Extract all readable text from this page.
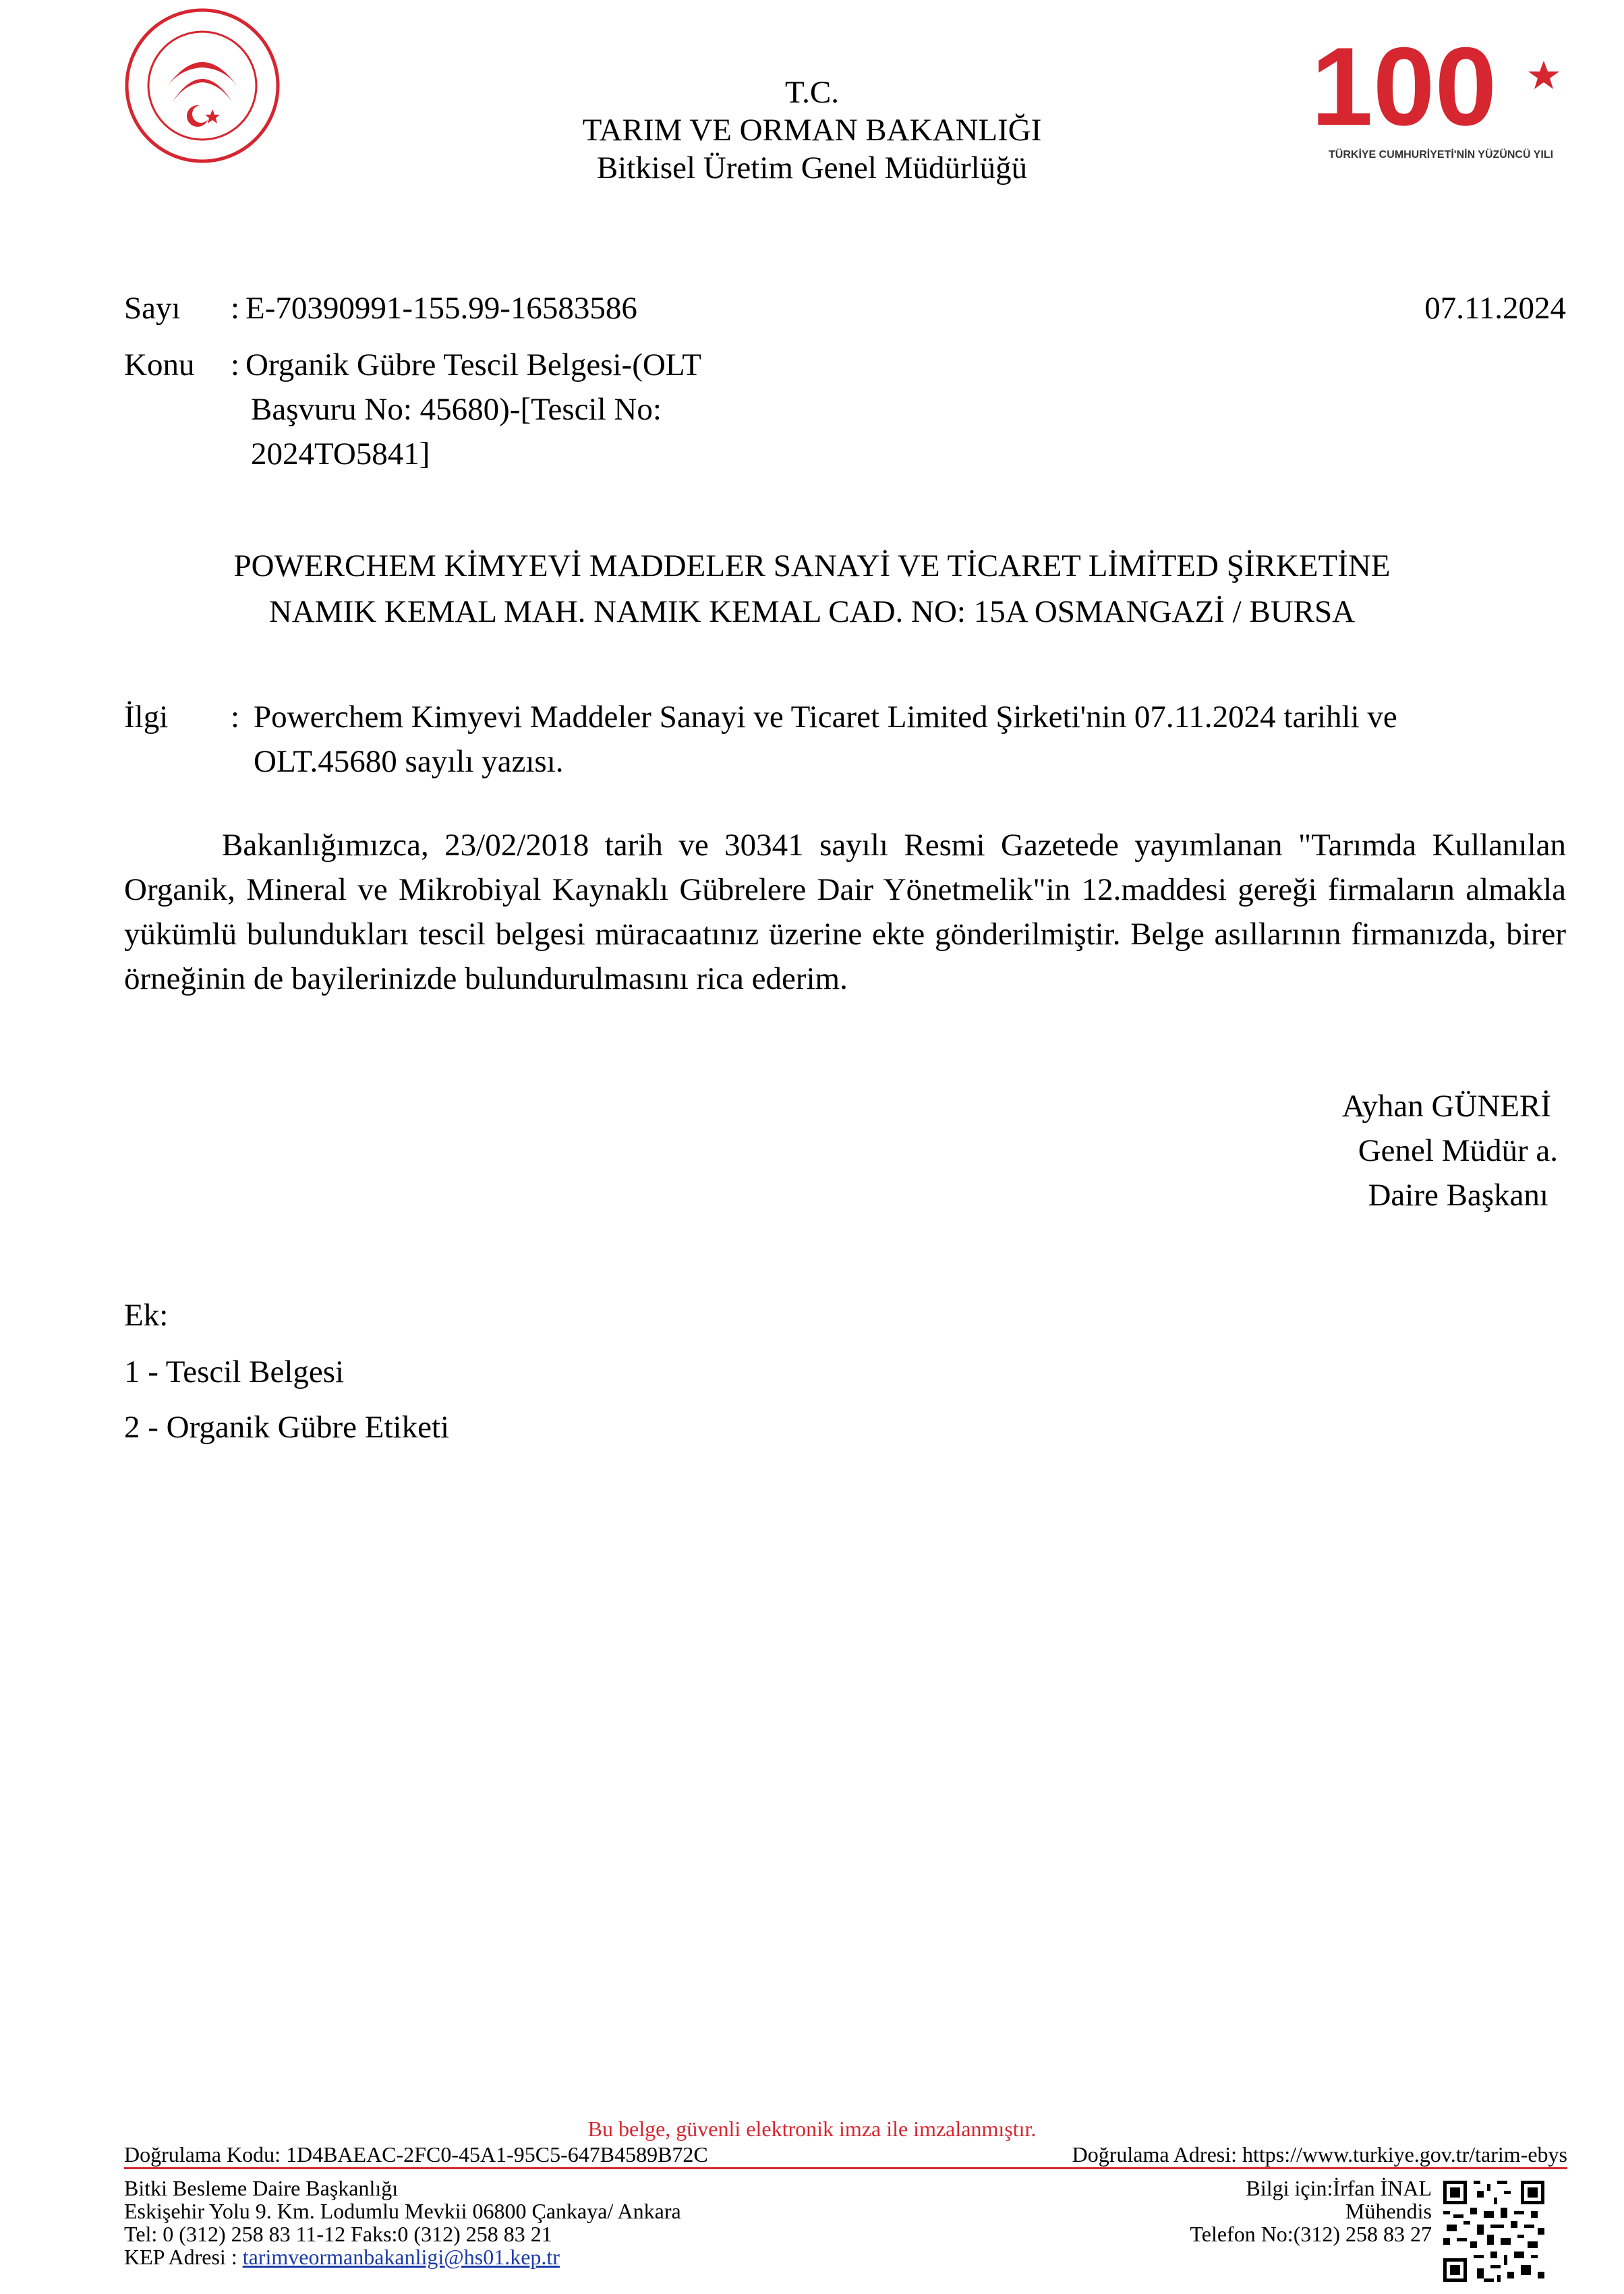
100
TÜRKİYE CUMHURİYETİ'NİN YÜZÜNCÜ YILI
T.C.
TARIM VE ORMAN BAKANLIĞI
Bitkisel Üretim Genel Müdürlüğü
Sayı : E-70390991-155.99-16583586	07.11.2024
Konu : Organik Gübre Tescil Belgesi-(OLT
Başvuru No: 45680)-[Tescil No:
2024TO5841]
POWERCHEM KİMYEVİ MADDELER SANAYİ VE TİCARET LİMİTED ŞİRKETİNE
NAMIK KEMAL MAH. NAMIK KEMAL CAD. NO: 15A OSMANGAZİ / BURSA
İlgi : Powerchem Kimyevi Maddeler Sanayi ve Ticaret Limited Şirketi'nin 07.11.2024 tarihli ve
OLT.45680 sayılı yazısı.
Bakanlığımızca, 23/02/2018 tarih ve 30341 sayılı Resmi Gazetede yayımlanan "Tarımda Kullanılan Organik, Mineral ve Mikrobiyal Kaynaklı Gübrelere Dair Yönetmelik"in 12.maddesi gereği firmaların almakla yükümlü bulundukları tescil belgesi müracaatınız üzerine ekte gönderilmiştir. Belge asıllarının firmanızda, birer örneğinin de bayilerinizde bulundurulmasını rica ederim.
Ayhan GÜNERİ
Genel Müdür a.
Daire Başkanı
Ek:
1 - Tescil Belgesi
2 - Organik Gübre Etiketi
Bu belge, güvenli elektronik imza ile imzalanmıştır.
Doğrulama Kodu: 1D4BAEAC-2FC0-45A1-95C5-647B4589B72C	Doğrulama Adresi: https://www.turkiye.gov.tr/tarim-ebys
Bitki Besleme Daire Başkanlığı
Eskişehir Yolu 9. Km. Lodumlu Mevkii 06800 Çankaya/ Ankara
Tel: 0 (312) 258 83 11-12 Faks:0 (312) 258 83 21
KEP Adresi : tarimveormanbakanligi@hs01.kep.tr
Bilgi için:İrfan İNAL
Mühendis
Telefon No:(312) 258 83 27
